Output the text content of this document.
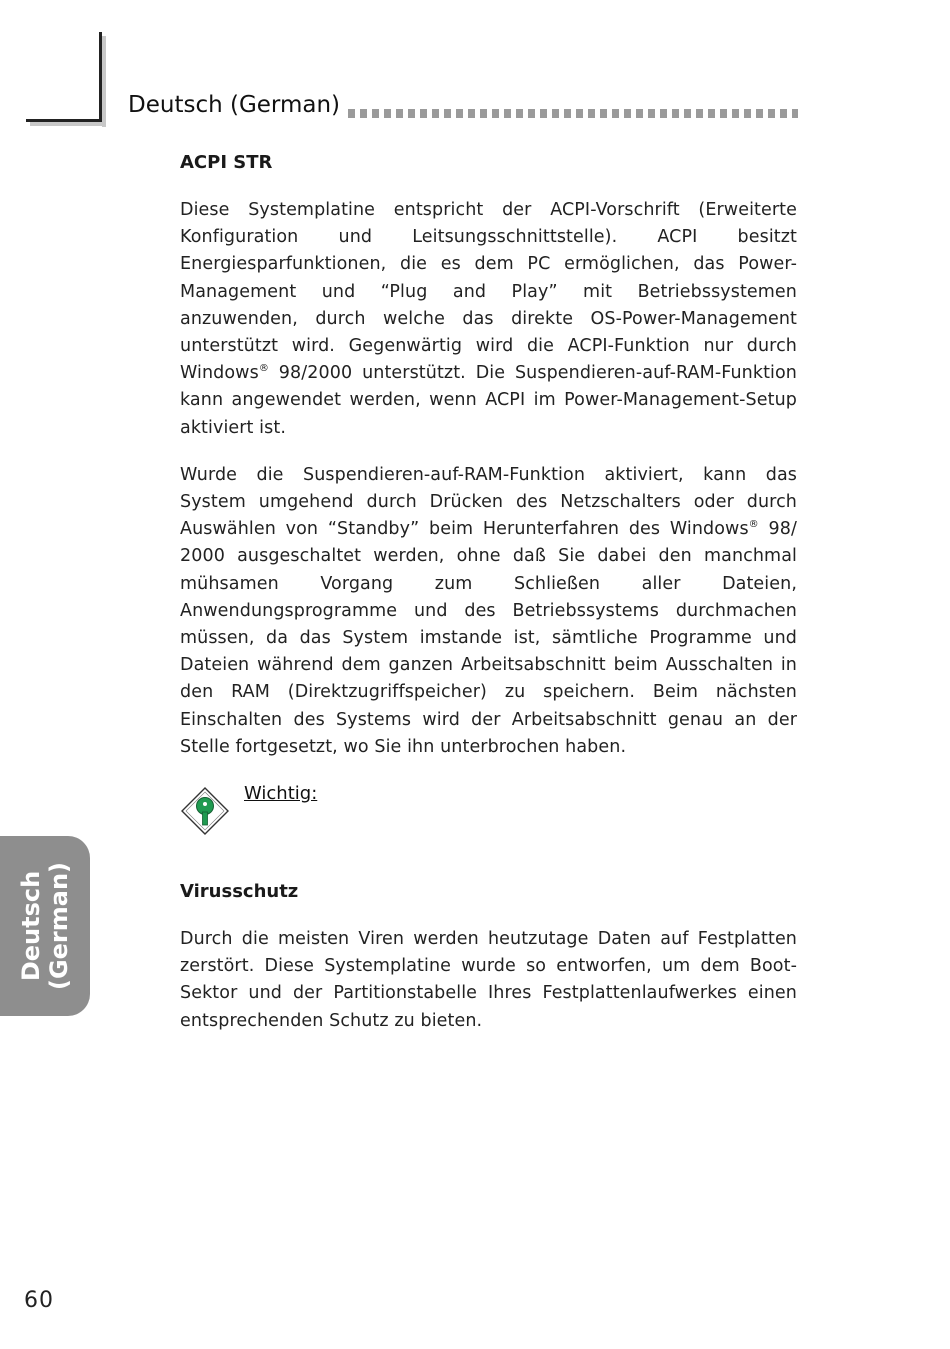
Deutsch (German)
ACPI STR

Diese Systemplatine entspricht der ACPI-Vorschrift (Erweiterte Konfiguration und Leitsungsschnittstelle). ACPI besitzt Energiesparfunktionen, die es dem PC ermöglichen, das Power-Management und “Plug and Play” mit Betriebssystemen anzuwenden, durch welche das direkte OS-Power-Management unterstützt wird. Gegenwärtig wird die ACPI-Funktion nur durch Windows® 98/2000 unterstützt. Die Suspendieren-auf-RAM-Funktion kann angewendet werden, wenn ACPI im Power-Management-Setup aktiviert ist.

Wurde die Suspendieren-auf-RAM-Funktion aktiviert, kann das System umgehend durch Drücken des Netzschalters oder durch Auswählen von “Standby” beim Herunterfahren des Windows® 98/ 2000 ausgeschaltet werden, ohne daß Sie dabei den manchmal mühsamen Vorgang zum Schließen aller Dateien, Anwendungsprogramme und des Betriebssystems durchmachen müssen, da das System imstande ist, sämtliche Programme und Dateien während dem ganzen Arbeitsabschnitt beim Ausschalten in den RAM (Direktzugriffspeicher) zu speichern. Beim nächsten Einschalten des Systems wird der Arbeitsabschnitt genau an der Stelle fortgesetzt, wo Sie ihn unterbrochen haben.

Wichtig:
Virusschutz

Durch die meisten Viren werden heutzutage Daten auf Festplatten zerstört. Diese Systemplatine wurde so entworfen, um dem Boot-Sektor und der Partitionstabelle Ihres Festplattenlaufwerkes einen entsprechenden Schutz zu bieten.

Deutsch (German)
60
